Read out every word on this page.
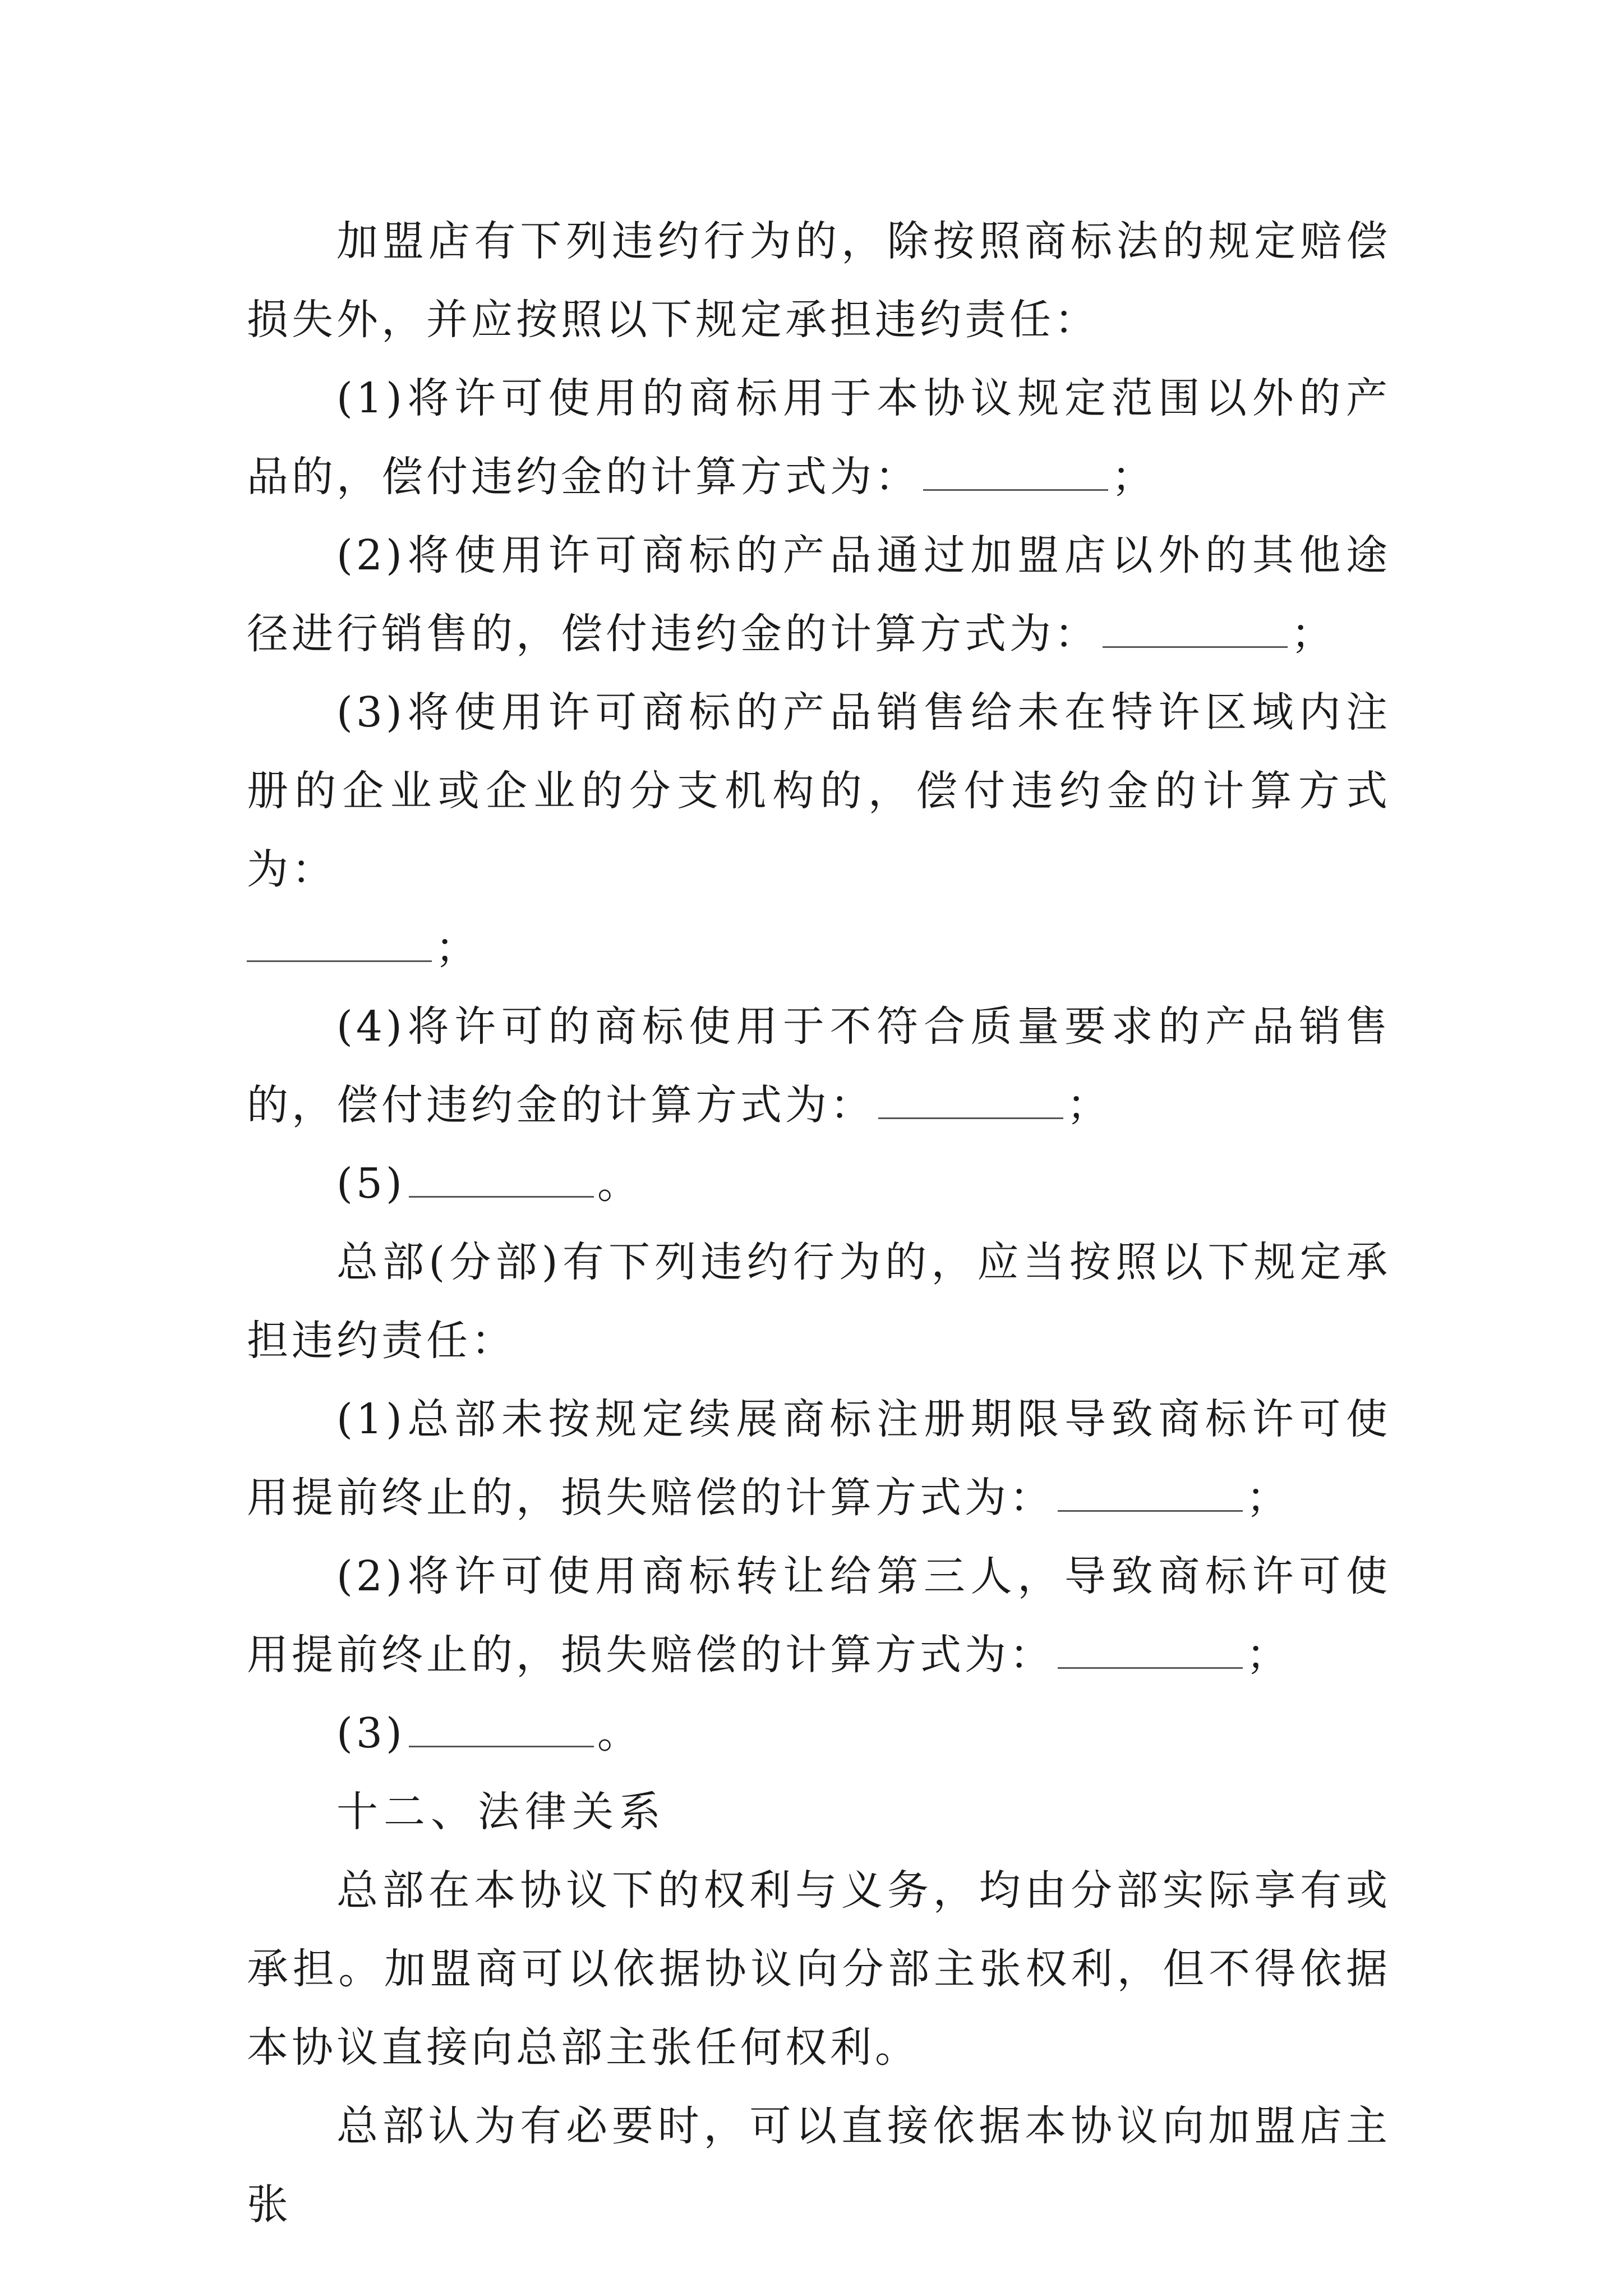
加盟店有下列违约行为的，除按照商标法的规定赔偿损失外，并应按照以下规定承担违约责任：

(1)将许可使用的商标用于本协议规定范围以外的产品的，偿付违约金的计算方式为：	；

(2)将使用许可商标的产品通过加盟店以外的其他途径进行销售的，偿付违约金的计算方式为：	；

(3)将使用许可商标的产品销售给未在特许区域内注册的企业或企业的分支机构的，偿付违约金的计算方式为：
；

(4)将许可的商标使用于不符合质量要求的产品销售的，偿付违约金的计算方式为：	；

(5)	。

总部(分部)有下列违约行为的，应当按照以下规定承担违约责任：

(1)总部未按规定续展商标注册期限导致商标许可使用提前终止的，损失赔偿的计算方式为：	；

(2)将许可使用商标转让给第三人，导致商标许可使用提前终止的，损失赔偿的计算方式为：	；

(3)	。

十二、法律关系

总部在本协议下的权利与义务，均由分部实际享有或承担。加盟商可以依据协议向分部主张权利，但不得依据本协议直接向总部主张任何权利。

总部认为有必要时，可以直接依据本协议向加盟店主张
